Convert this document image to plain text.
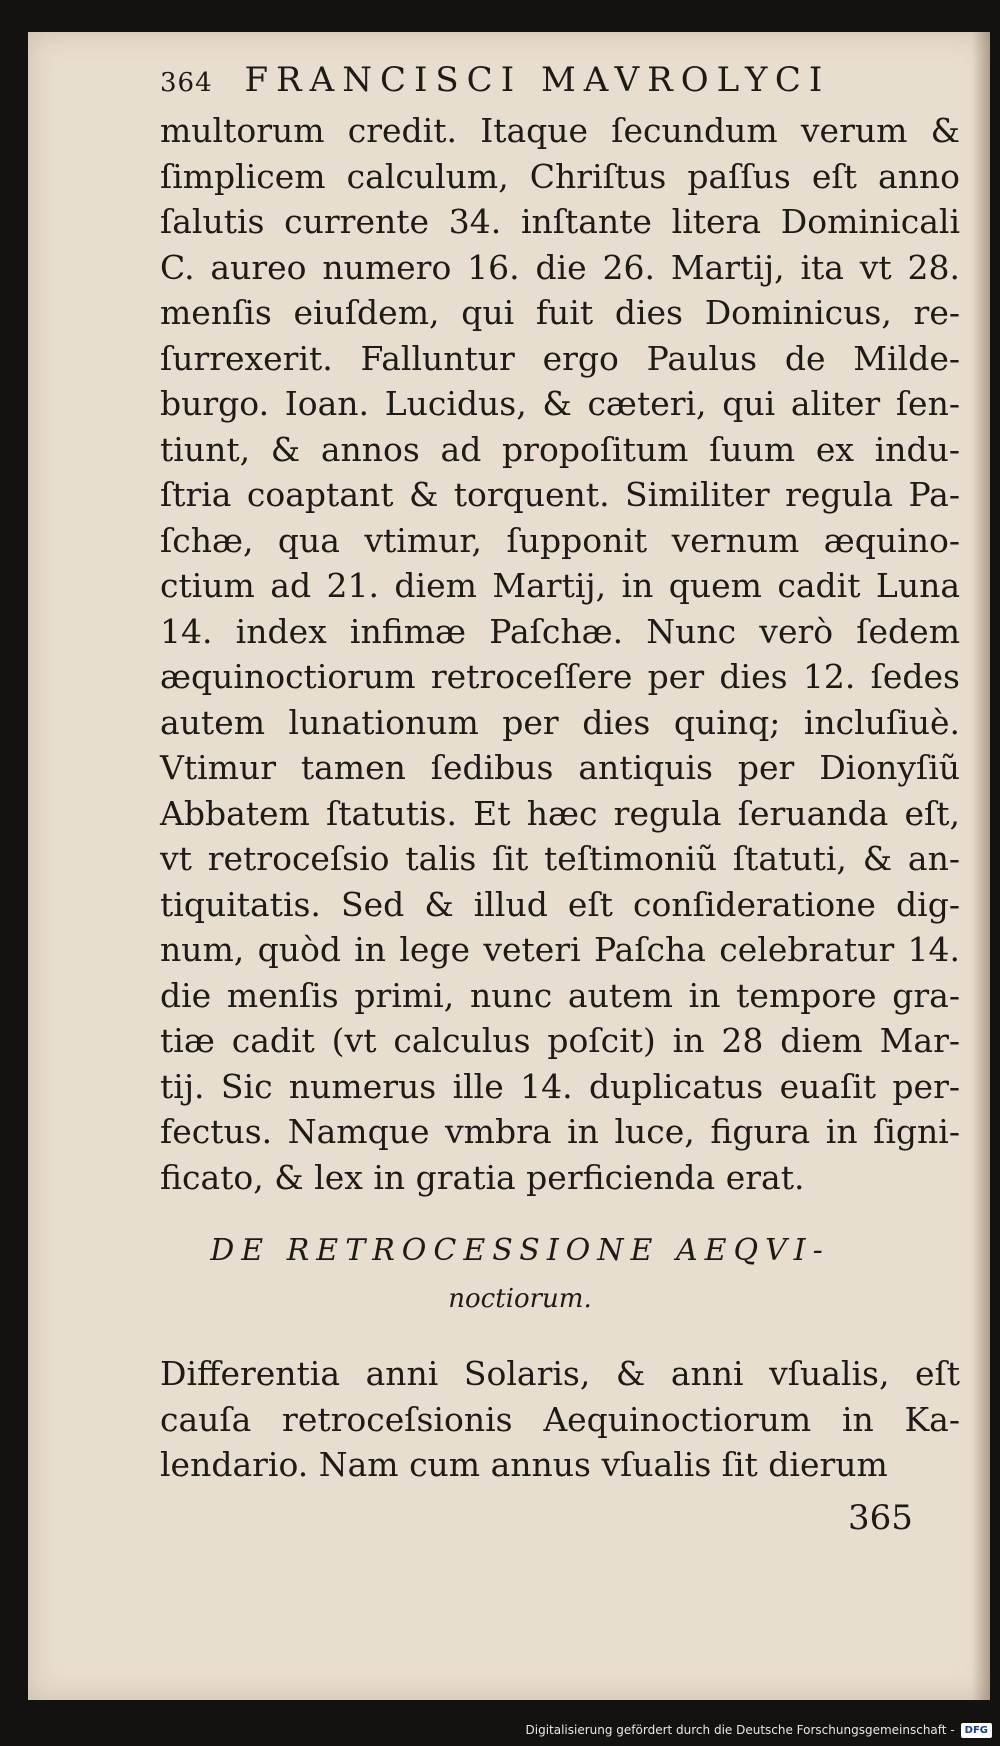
364 FRANCISCI MAVROLYCI
multorum credit. Itaque ſecundum verum &
ſimplicem calculum, Chriſtus paſſus eſt anno
ſalutis currente 34. inſtante litera Dominicali
C. aureo numero 16. die 26. Martij, ita vt 28.
menſis eiuſdem, qui fuit dies Dominicus, re-
ſurrexerit. Falluntur ergo Paulus de Milde-
burgo. Ioan. Lucidus, & cæteri, qui aliter ſen-
tiunt, & annos ad propoſitum ſuum ex indu-
ſtria coaptant & torquent. Similiter regula Pa-
ſchæ, qua vtimur, ſupponit vernum æquino-
ctium ad 21. diem Martij, in quem cadit Luna
14. index infimæ Paſchæ. Nunc verò ſedem
æquinoctiorum retroceſſere per dies 12. ſedes
autem lunationum per dies quinq; incluſiuè.
Vtimur tamen ſedibus antiquis per Dionyſiũ
Abbatem ſtatutis. Et hæc regula ſeruanda eſt,
vt retroceſsio talis ſit teſtimoniũ ſtatuti, & an-
tiquitatis. Sed & illud eſt conſideratione dig-
num, quòd in lege veteri Paſcha celebratur 14.
die menſis primi, nunc autem in tempore gra-
tiæ cadit (vt calculus poſcit) in 28 diem Mar-
tij. Sic numerus ille 14. duplicatus euaſit per-
fectus. Namque vmbra in luce, figura in ſigni-
ficato, & lex in gratia perficienda erat.
DE RETROCESSIONE AEQVI-
noctiorum.
Differentia anni Solaris, & anni vſualis, eſt
cauſa retroceſsionis Aequinoctiorum in Ka-
lendario. Nam cum annus vſualis ſit dierum
365
Digitalisierung gefördert durch die Deutsche Forschungsgemeinschaft -	DFG
